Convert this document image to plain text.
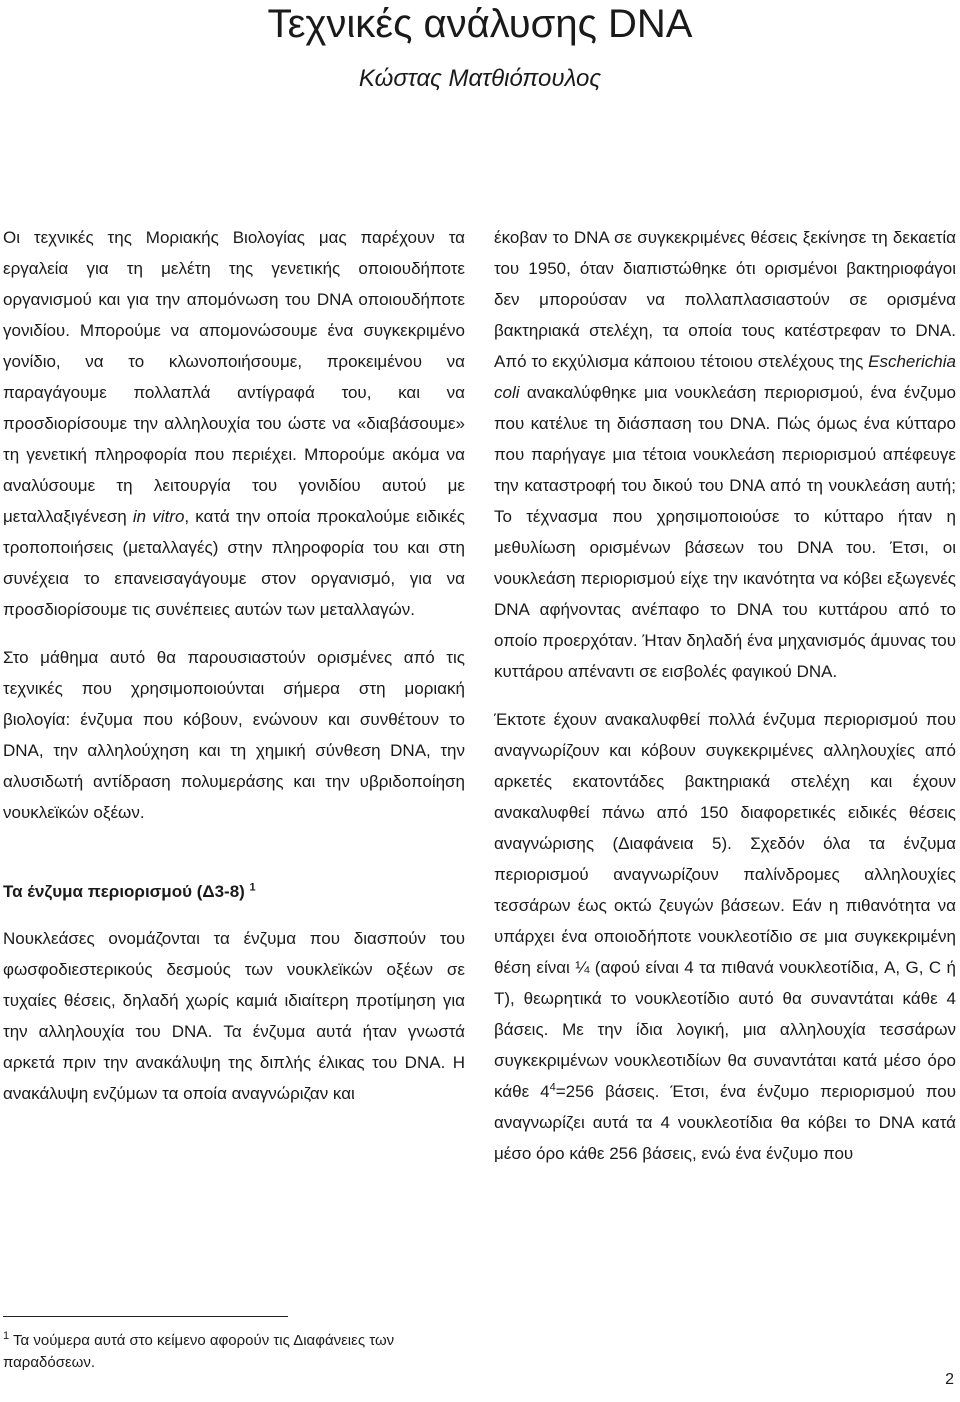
Τεχνικές ανάλυσης DNA
Κώστας Ματθιόπουλος

Οι τεχνικές της Μοριακής Βιολογίας μας παρέχουν τα εργαλεία για τη μελέτη της γενετικής οποιουδήποτε οργανισμού και για την απομόνωση του DNA οποιουδήποτε γονιδίου. Μπορούμε να απομονώσουμε ένα συγκεκριμένο γονίδιο, να το κλωνοποιήσουμε, προκειμένου να παραγάγουμε πολλαπλά αντίγραφά του, και να προσδιορίσουμε την αλληλουχία του ώστε να «διαβάσουμε» τη γενετική πληροφορία που περιέχει. Μπορούμε ακόμα να αναλύσουμε τη λειτουργία του γονιδίου αυτού με μεταλλαξιγένεση in vitro, κατά την οποία προκαλούμε ειδικές τροποποιήσεις (μεταλλαγές) στην πληροφορία του και στη συνέχεια το επανεισαγάγουμε στον οργανισμό, για να προσδιορίσουμε τις συνέπειες αυτών των μεταλλαγών.

Στο μάθημα αυτό θα παρουσιαστούν ορισμένες από τις τεχνικές που χρησιμοποιούνται σήμερα στη μοριακή βιολογία: ένζυμα που κόβουν, ενώνουν και συνθέτουν το DNA, την αλληλούχηση και τη χημική σύνθεση DNA, την αλυσιδωτή αντίδραση πολυμεράσης και την υβριδοποίηση νουκλεϊκών οξέων.

Τα ένζυμα περιορισμού (Δ3-8) $^1$

Νουκλεάσες ονομάζονται τα ένζυμα που διασπούν του φωσφοδιεστερικούς δεσμούς των νουκλεϊκών οξέων σε τυχαίες θέσεις, δηλαδή χωρίς καμιά ιδιαίτερη προτίμηση για την αλληλουχία του DNA. Τα ένζυμα αυτά ήταν γνωστά αρκετά πριν την ανακάλυψη της διπλής έλικας του DNA. Η ανακάλυψη ενζύμων τα οποία αναγνώριζαν και

έκοβαν το DNA σε συγκεκριμένες θέσεις ξεκίνησε τη δεκαετία του 1950, όταν διαπιστώθηκε ότι ορισμένοι βακτηριοφάγοι δεν μπορούσαν να πολλαπλασιαστούν σε ορισμένα βακτηριακά στελέχη, τα οποία τους κατέστρεφαν το DNA. Από το εκχύλισμα κάποιου τέτοιου στελέχους της Escherichia coli ανακαλύφθηκε μια νουκλεάση περιορισμού, ένα ένζυμο που κατέλυε τη διάσπαση του DNA. Πώς όμως ένα κύτταρο που παρήγαγε μια τέτοια νουκλεάση περιορισμού απέφευγε την καταστροφή του δικού του DNA από τη νουκλεάση αυτή; Το τέχνασμα που χρησιμοποιούσε το κύτταρο ήταν η μεθυλίωση ορισμένων βάσεων του DNA του. Έτσι, οι νουκλεάση περιορισμού είχε την ικανότητα να κόβει εξωγενές DNA αφήνοντας ανέπαφο το DNA του κυττάρου από το οποίο προερχόταν. Ήταν δηλαδή ένα μηχανισμός άμυνας του κυττάρου απέναντι σε εισβολές φαγικού DNA.

Έκτοτε έχουν ανακαλυφθεί πολλά ένζυμα περιορισμού που αναγνωρίζουν και κόβουν συγκεκριμένες αλληλουχίες από αρκετές εκατοντάδες βακτηριακά στελέχη και έχουν ανακαλυφθεί πάνω από 150 διαφορετικές ειδικές θέσεις αναγνώρισης (Διαφάνεια 5). Σχεδόν όλα τα ένζυμα περιορισμού αναγνωρίζουν παλίνδρομες αλληλουχίες τεσσάρων έως οκτώ ζευγών βάσεων. Εάν η πιθανότητα να υπάρχει ένα οποιοδήποτε νουκλεοτίδιο σε μια συγκεκριμένη θέση είναι ¼ (αφού είναι 4 τα πιθανά νουκλεοτίδια, A, G, C ή T), θεωρητικά το νουκλεοτίδιο αυτό θα συναντάται κάθε 4 βάσεις. Με την ίδια λογική, μια αλληλουχία τεσσάρων συγκεκριμένων νουκλεοτιδίων θα συναντάται κατά μέσο όρο κάθε $4^4=256$ βάσεις. Έτσι, ένα ένζυμο περιορισμού που αναγνωρίζει αυτά τα 4 νουκλεοτίδια θα κόβει το DNA κατά μέσο όρο κάθε 256 βάσεις, ενώ ένα ένζυμο που

$^1$ Τα νούμερα αυτά στο κείμενο αφορούν τις Διαφάνειες των παραδόσεων.
2
